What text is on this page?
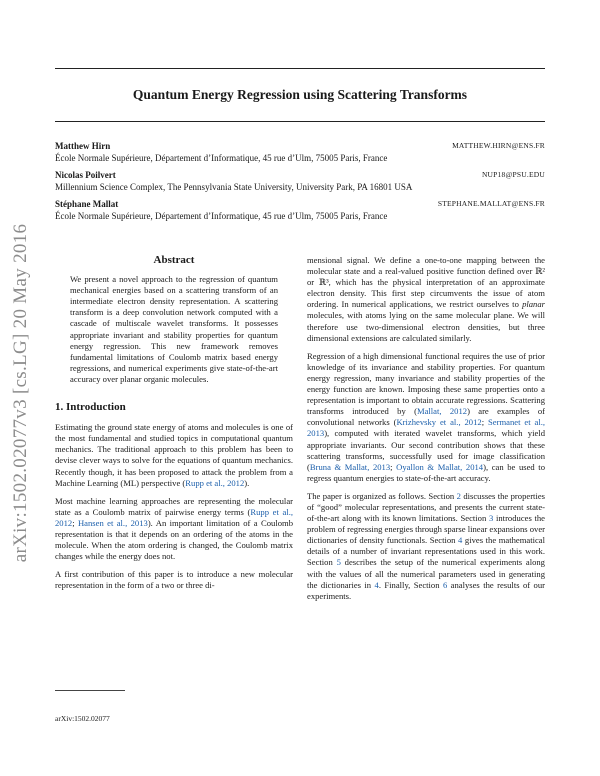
Quantum Energy Regression using Scattering Transforms
arXiv:1502.02077v3 [cs.LG] 20 May 2016
Matthew Hirn	MATTHEW.HIRN@ENS.FR
École Normale Supérieure, Département d’Informatique, 45 rue d’Ulm, 75005 Paris, France
Nicolas Poilvert	NUP18@PSU.EDU
Millennium Science Complex, The Pennsylvania State University, University Park, PA 16801 USA
Stéphane Mallat	STEPHANE.MALLAT@ENS.FR
École Normale Supérieure, Département d’Informatique, 45 rue d’Ulm, 75005 Paris, France
Abstract
We present a novel approach to the regression of quantum mechanical energies based on a scattering transform of an intermediate electron density representation. A scattering transform is a deep convolution network computed with a cascade of multiscale wavelet transforms. It possesses appropriate invariant and stability properties for quantum energy regression. This new framework removes fundamental limitations of Coulomb matrix based energy regressions, and numerical experiments give state-of-the-art accuracy over planar organic molecules.
1. Introduction

Estimating the ground state energy of atoms and molecules is one of the most fundamental and studied topics in computational quantum mechanics. The traditional approach to this problem has been to devise clever ways to solve for the equations of quantum mechanics. Recently though, it has been proposed to attack the problem from a Machine Learning (ML) perspective (Rupp et al., 2012).

Most machine learning approaches are representing the molecular state as a Coulomb matrix of pairwise energy terms (Rupp et al., 2012; Hansen et al., 2013). An important limitation of a Coulomb representation is that it depends on an ordering of the atoms in the molecule. When the atom ordering is changed, the Coulomb matrix changes while the energy does not.

A first contribution of this paper is to introduce a new molecular representation in the form of a two or three di-

mensional signal. We define a one-to-one mapping between the molecular state and a real-valued positive function defined over ℝ² or ℝ³, which has the physical interpretation of an approximate electron density. This first step circumvents the issue of atom ordering. In numerical applications, we restrict ourselves to planar molecules, with atoms lying on the same molecular plane. We will therefore use two-dimensional electron densities, but three dimensional extensions are calculated similarly.

Regression of a high dimensional functional requires the use of prior knowledge of its invariance and stability properties. For quantum energy regression, many invariance and stability properties of the energy function are known. Imposing these same properties onto a representation is important to obtain accurate regressions. Scattering transforms introduced by (Mallat, 2012) are examples of convolutional networks (Krizhevsky et al., 2012; Sermanet et al., 2013), computed with iterated wavelet transforms, which yield appropriate invariants. Our second contribution shows that these scattering transforms, successfully used for image classification (Bruna & Mallat, 2013; Oyallon & Mallat, 2014), can be used to regress quantum energies to state-of-the-art accuracy.

The paper is organized as follows. Section 2 discusses the properties of “good” molecular representations, and presents the current state-of-the-art along with its known limitations. Section 3 introduces the problem of regressing energies through sparse linear expansions over dictionaries of density functionals. Section 4 gives the mathematical details of a number of invariant representations used in this work. Section 5 describes the setup of the numerical experiments along with the values of all the numerical parameters used in generating the dictionaries in 4. Finally, Section 6 analyses the results of our experiments.

arXiv:1502.02077
